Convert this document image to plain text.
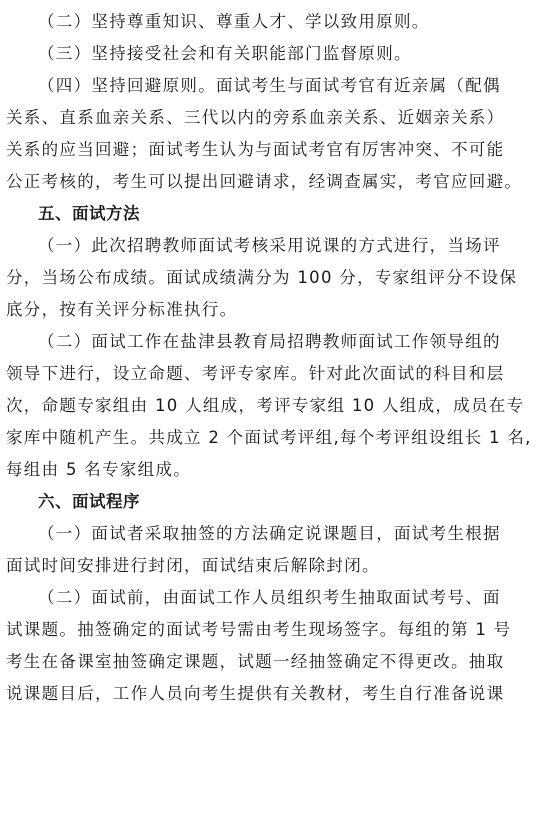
（二）坚持尊重知识、尊重人才、学以致用原则。
（三）坚持接受社会和有关职能部门监督原则。
（四）坚持回避原则。面试考生与面试考官有近亲属（配偶
关系、直系血亲关系、三代以内的旁系血亲关系、近姻亲关系）
关系的应当回避；面试考生认为与面试考官有厉害冲突、不可能
公正考核的，考生可以提出回避请求，经调查属实，考官应回避。
五、面试方法
（一）此次招聘教师面试考核采用说课的方式进行，当场评
分，当场公布成绩。面试成绩满分为 100 分，专家组评分不设保
底分，按有关评分标准执行。
（二）面试工作在盐津县教育局招聘教师面试工作领导组的
领导下进行，设立命题、考评专家库。针对此次面试的科目和层
次，命题专家组由 10 人组成，考评专家组 10 人组成，成员在专
家库中随机产生。共成立 2 个面试考评组,每个考评组设组长 1 名,
每组由 5 名专家组成。
六、面试程序
（一）面试者采取抽签的方法确定说课题目，面试考生根据
面试时间安排进行封闭，面试结束后解除封闭。
（二）面试前，由面试工作人员组织考生抽取面试考号、面
试课题。抽签确定的面试考号需由考生现场签字。每组的第 1 号
考生在备课室抽签确定课题，试题一经抽签确定不得更改。抽取
说课题目后，工作人员向考生提供有关教材，考生自行准备说课
